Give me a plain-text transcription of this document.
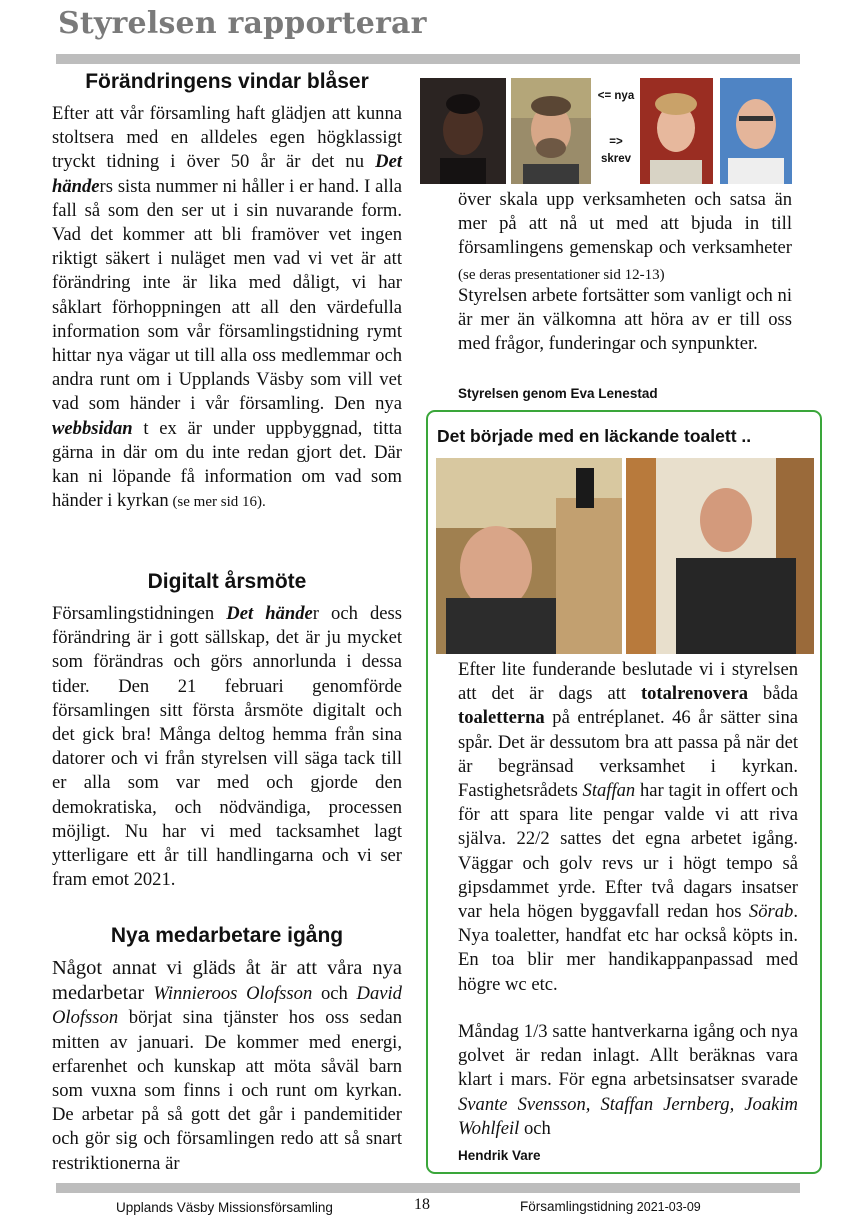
Styrelsen rapporterar
Förändringens vindar blåser
Efter att vår församling haft glädjen att kunna stoltsera med en alldeles egen högklassigt tryckt tidning i över 50 år är det nu Det händers sista nummer ni håller i er hand. I alla fall så som den ser ut i sin nuvarande form. Vad det kommer att bli framöver vet ingen riktigt säkert i nuläget men vad vi vet är att förändring inte är lika med dåligt, vi har såklart förhoppningen att all den värdefulla information som vår församlingstidning rymt hittar nya vägar ut till alla oss medlemmar och andra runt om i Upplands Väsby som vill vet vad som händer i vår församling. Den nya webbsidan t ex är under uppbyggnad, titta gärna in där om du inte redan gjort det. Där kan ni löpande få information om vad som händer i kyrkan (se mer sid 16).
Digitalt årsmöte
Församlingstidningen Det händer och dess förändring är i gott sällskap, det är ju mycket som förändras och görs annorlunda i dessa tider. Den 21 februari genomförde församlingen sitt första årsmöte digitalt och det gick bra! Många deltog hemma från sina datorer och vi från styrelsen vill säga tack till er alla som var med och gjorde den demokratiska, och nödvändiga, processen möjligt. Nu har vi med tacksamhet lagt ytterligare ett år till handlingarna och vi ser fram emot 2021.
Nya medarbetare igång
Något annat vi gläds åt är att våra nya medarbetar Winnieroos Olofsson och David Olofsson börjat sina tjänster hos oss sedan mitten av januari. De kommer med energi, erfarenhet och kunskap att möta såväl barn som vuxna som finns i och runt om kyrkan. De arbetar på så gott det går i pandemitider och gör sig och församlingen redo att så snart restriktionerna är
<= nya
=> skrev
över skala upp verksamheten och satsa än mer på att nå ut med att bjuda in till församlingens gemenskap och verksamheter (se deras presentationer sid 12-13)
Styrelsen arbete fortsätter som vanligt och ni är mer än välkomna att höra av er till oss med frågor, funderingar och synpunkter.
Styrelsen genom Eva Lenestad
Det började med en läckande toalett ..
Efter lite funderande beslutade vi i styrelsen att det är dags att totalrenovera båda toaletterna på entréplanet. 46 år sätter sina spår. Det är dessutom bra att passa på när det är begränsad verksamhet i kyrkan. Fastighetsrådets Staffan har tagit in offert och för att spara lite pengar valde vi att riva själva. 22/2 sattes det egna arbetet igång. Väggar och golv revs ur i högt tempo så gipsdammet yrde. Efter två dagars insatser var hela högen byggavfall redan hos Sörab. Nya toaletter, handfat etc har också köpts in. En toa blir mer handikappanpassad med högre wc etc.
Måndag 1/3 satte hantverkarna igång och nya golvet är redan inlagt. Allt beräknas vara klart i mars. För egna arbetsinsatser svarade Svante Svensson, Staffan Jernberg, Joakim Wohlfeil och
Hendrik Vare
Upplands Väsby Missionsförsamling	18	Församlingstidning 2021-03-09
